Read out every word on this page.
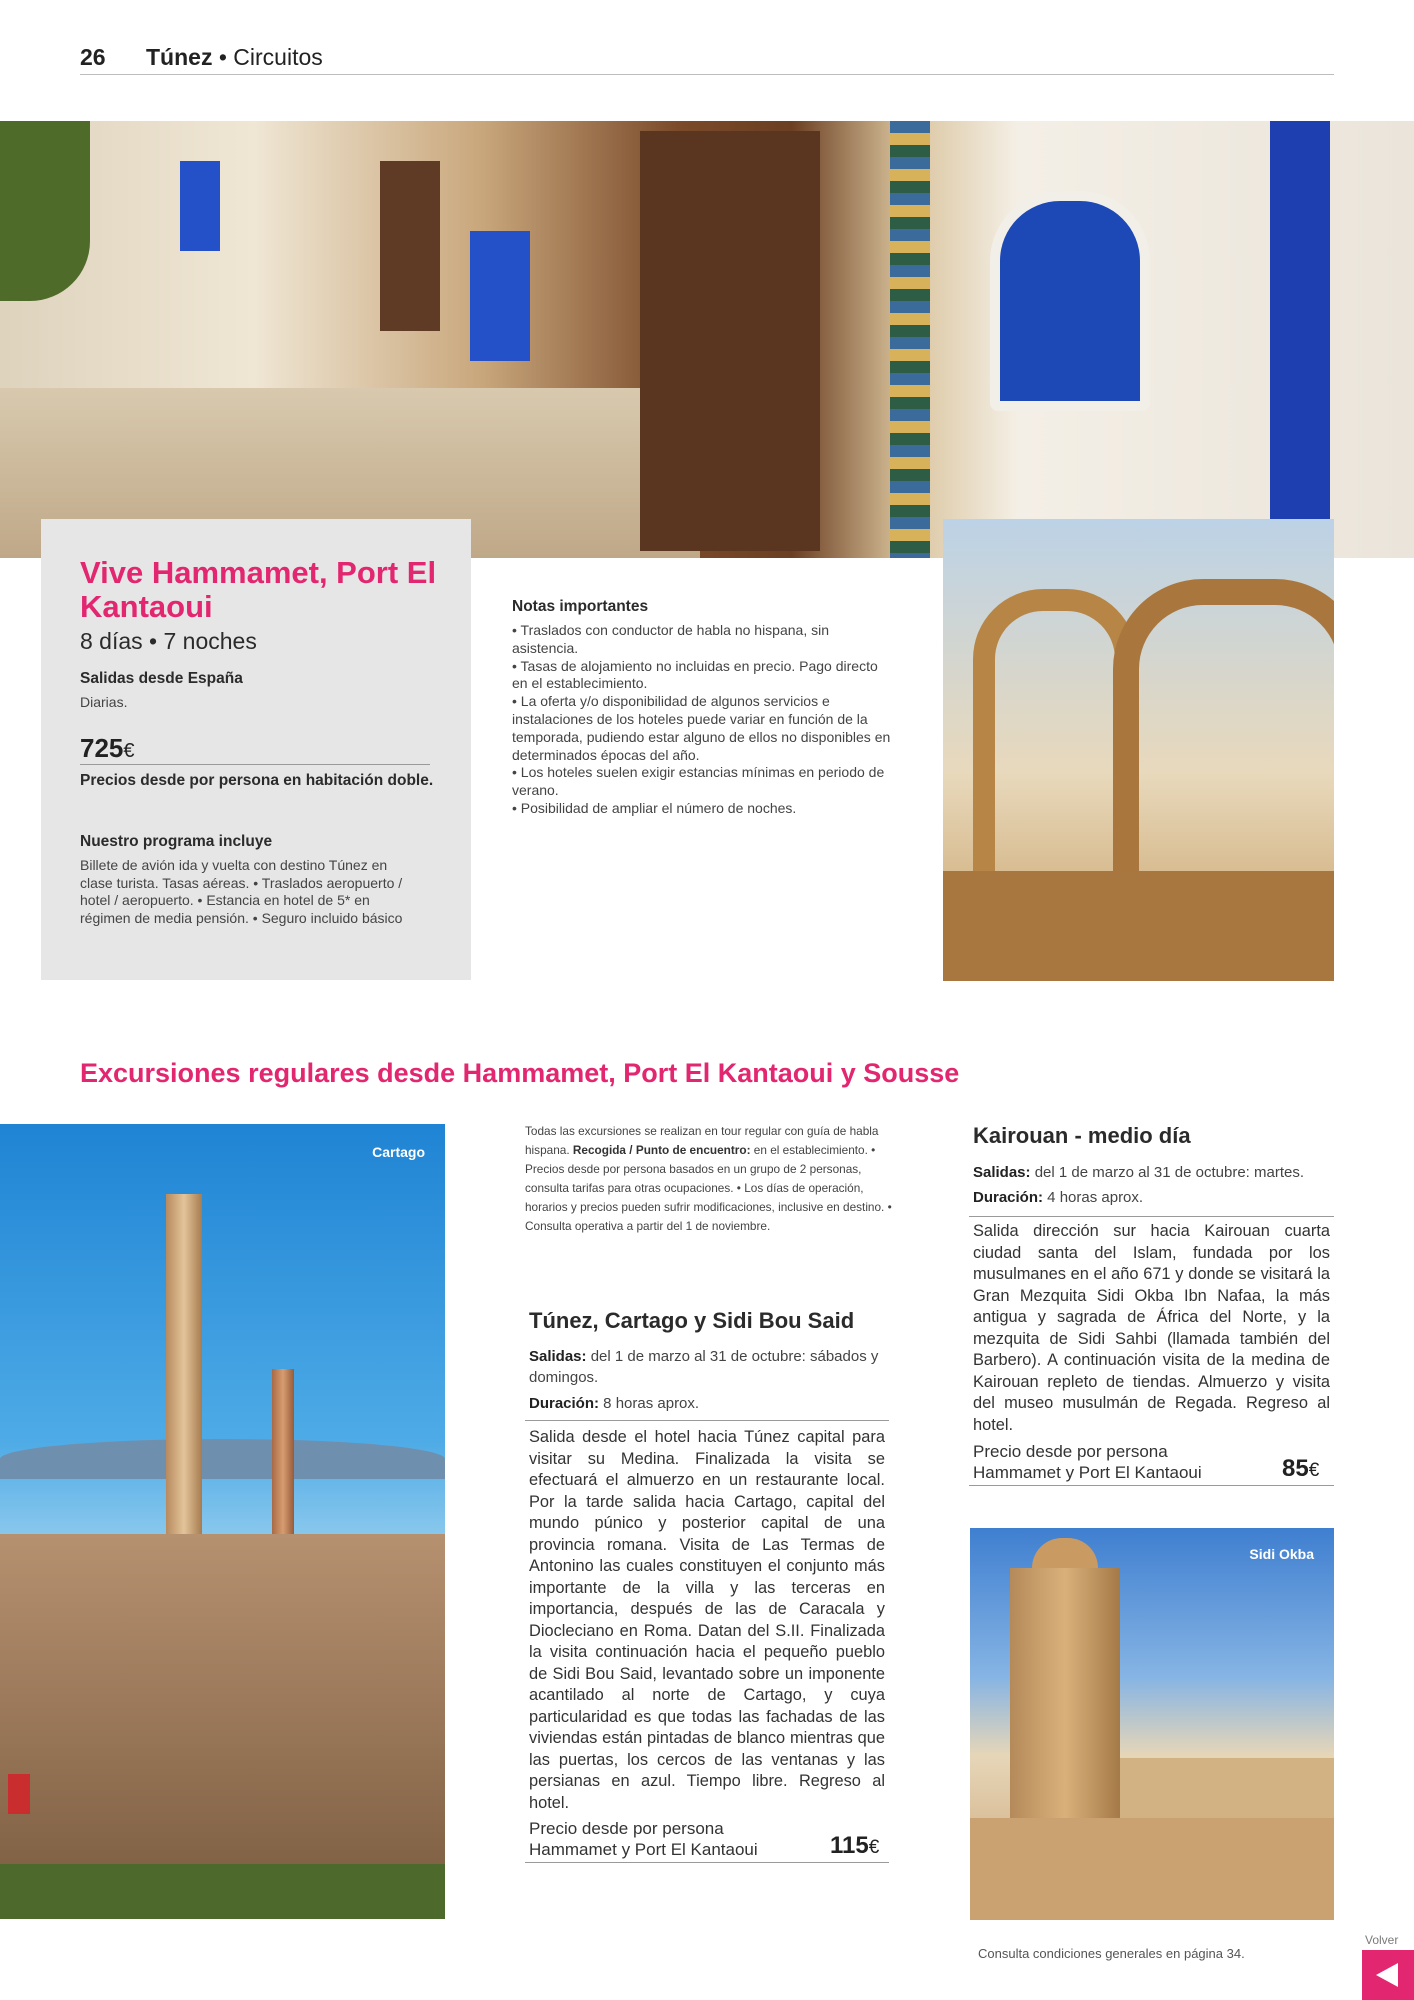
26 Túnez • Circuitos
Vive Hammamet, Port El Kantaoui
8 días • 7 noches
Salidas desde España
Diarias.
725€
Precios desde por persona en habitación doble.
Nuestro programa incluye
Billete de avión ida y vuelta con destino Túnez en clase turista. Tasas aéreas. • Traslados aeropuerto / hotel / aeropuerto. • Estancia en hotel de 5* en régimen de media pensión. • Seguro incluido básico
Notas importantes
• Traslados con conductor de habla no hispana, sin asistencia.
• Tasas de alojamiento no incluidas en precio. Pago directo en el establecimiento.
• La oferta y/o disponibilidad de algunos servicios e instalaciones de los hoteles puede variar en función de la temporada, pudiendo estar alguno de ellos no disponibles en determinados épocas del año.
• Los hoteles suelen exigir estancias mínimas en periodo de verano.
• Posibilidad de ampliar el número de noches.
Excursiones regulares desde Hammamet, Port El Kantaoui y Sousse
Cartago
Todas las excursiones se realizan en tour regular con guía de habla hispana. Recogida / Punto de encuentro: en el establecimiento. • Precios desde por persona basados en un grupo de 2 personas, consulta tarifas para otras ocupaciones. • Los días de operación, horarios y precios pueden sufrir modificaciones, inclusive en destino. • Consulta operativa a partir del 1 de noviembre.
Túnez, Cartago y Sidi Bou Said
Salidas: del 1 de marzo al 31 de octubre: sábados y domingos.
Duración: 8 horas aprox.
Salida desde el hotel hacia Túnez capital para visitar su Medina. Finalizada la visita se efectuará el almuerzo en un restaurante local. Por la tarde salida hacia Cartago, capital del mundo púnico y posterior capital de una provincia romana. Visita de Las Termas de Antonino las cuales constituyen el conjunto más importante de la villa y las terceras en importancia, después de las de Caracala y Diocleciano en Roma. Datan del S.II. Finalizada la visita continuación hacia el pequeño pueblo de Sidi Bou Said, levantado sobre un imponente acantilado al norte de Cartago, y cuya particularidad es que todas las fachadas de las viviendas están pintadas de blanco mientras que las puertas, los cercos de las ventanas y las persianas en azul. Tiempo libre. Regreso al hotel.
Precio desde por persona
Hammamet y Port El Kantaoui	115€
Kairouan - medio día
Salidas: del 1 de marzo al 31 de octubre: martes.
Duración: 4 horas aprox.
Salida dirección sur hacia Kairouan cuarta ciudad santa del Islam, fundada por los musulmanes en el año 671 y donde se visitará la Gran Mezquita Sidi Okba Ibn Nafaa, la más antigua y sagrada de África del Norte, y la mezquita de Sidi Sahbi (llamada también del Barbero). A continuación visita de la medina de Kairouan repleto de tiendas. Almuerzo y visita del museo musulmán de Regada. Regreso al hotel.
Precio desde por persona
Hammamet y Port El Kantaoui	85€
Sidi Okba
Consulta condiciones generales en página 34.
Volver
